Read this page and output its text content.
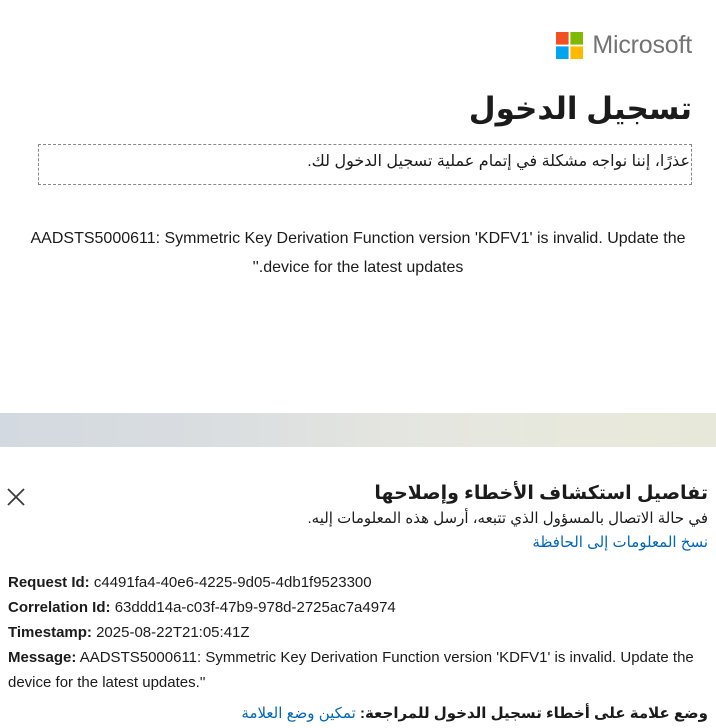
Microsoft
تسجيل الدخول
عذرًا، إننا نواجه مشكلة في إتمام عملية تسجيل الدخول لك.
AADSTS5000611: Symmetric Key Derivation Function version 'KDFV1' is invalid. Update the device for the latest updates.''
تفاصيل استكشاف الأخطاء وإصلاحها
في حالة الاتصال بالمسؤول الذي تتبعه، أرسل هذه المعلومات إليه.
نسخ المعلومات إلى الحافظة
Request Id: c4491fa4-40e6-4225-9d05-4db1f9523300
Correlation Id: 63ddd14a-c03f-47b9-978d-2725ac7a4974
Timestamp: 2025-08-22T21:05:41Z
Message: AADSTS5000611: Symmetric Key Derivation Function version 'KDFV1' is invalid. Update the device for the latest updates.''
وضع علامة على أخطاء تسجيل الدخول للمراجعة: تمكين وضع العلامة
